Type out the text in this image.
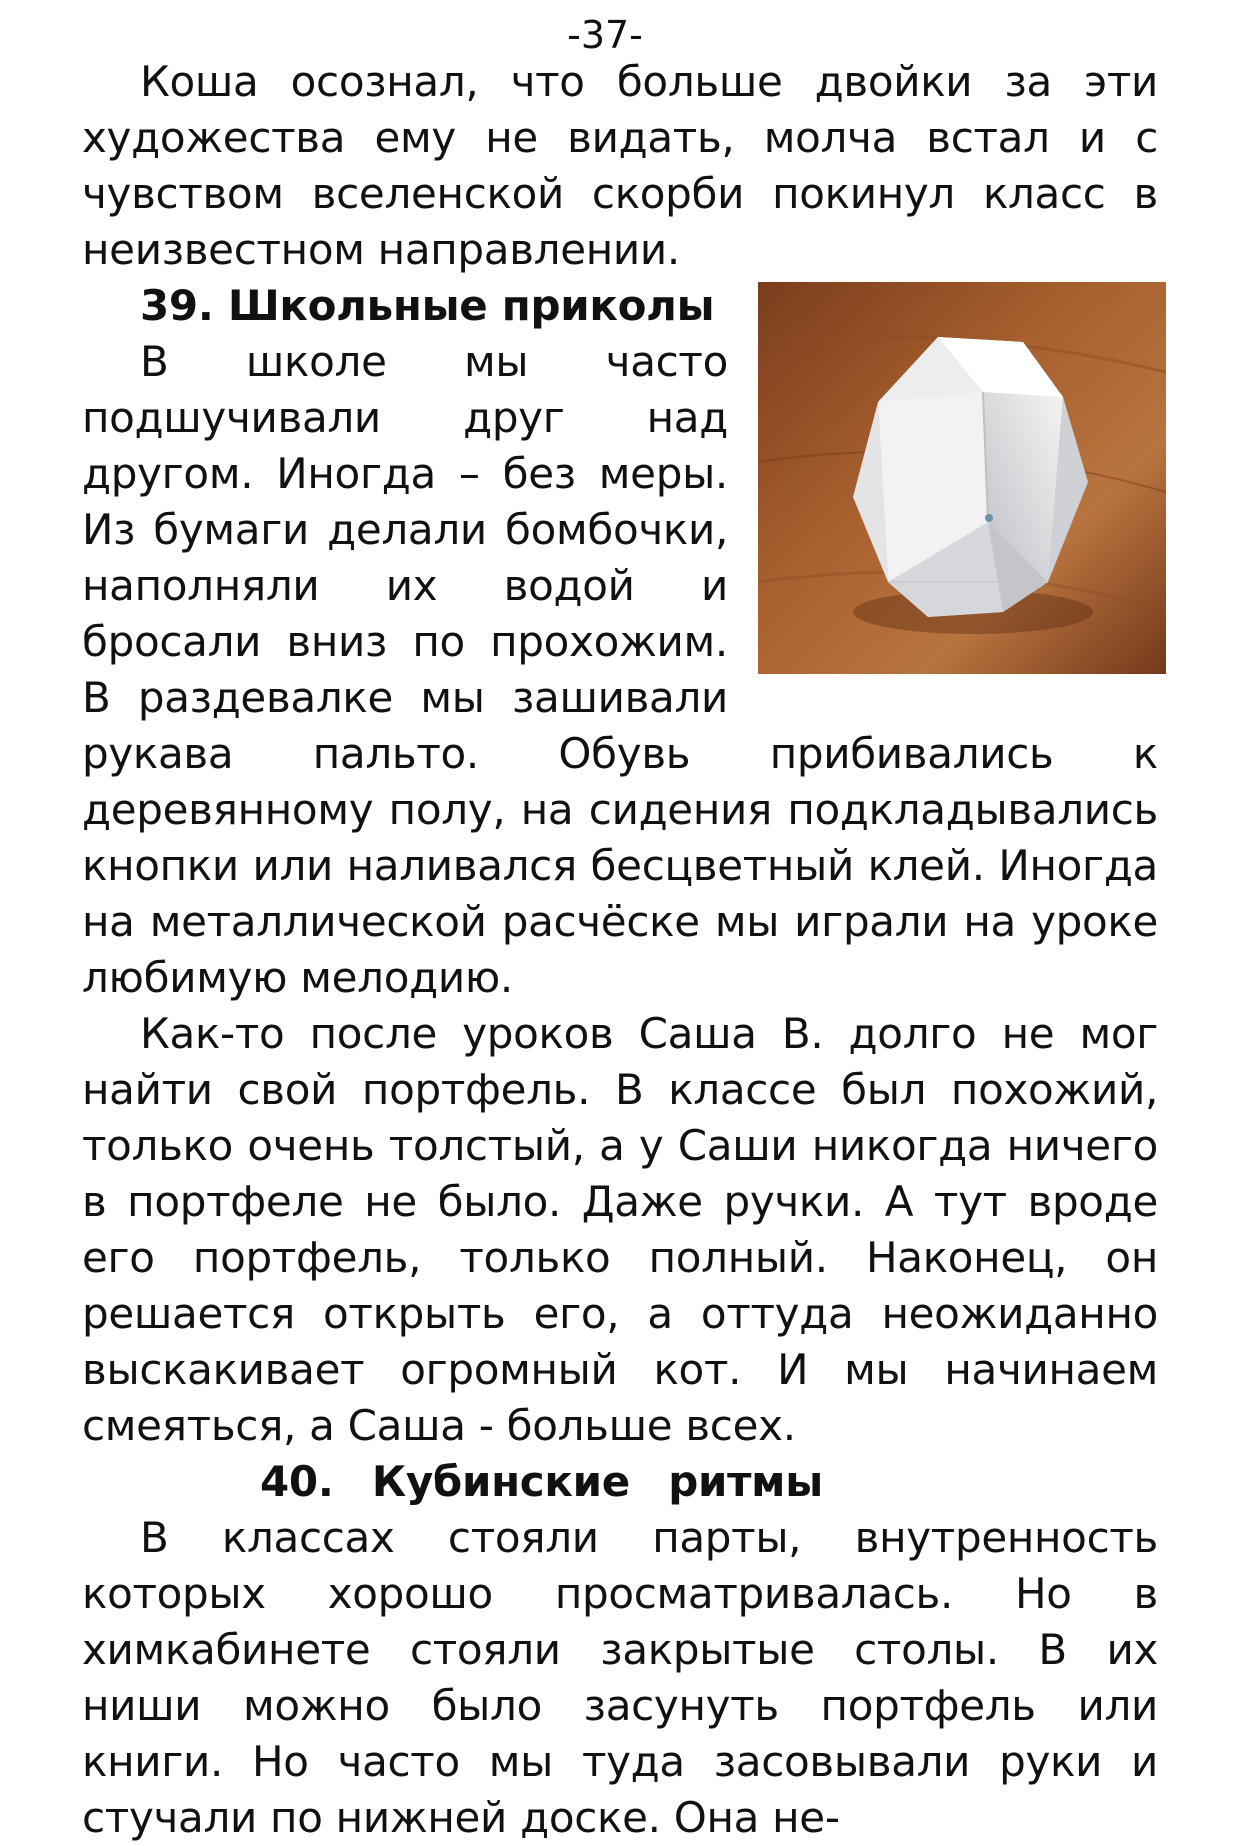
-37-

Коша осознал, что больше двойки за эти художества ему не видать, молча встал и с чувством вселенской скорби покинул класс в неизвестном направлении.

39. Школьные приколы

В школе мы часто подшучивали друг над другом. Иногда – без меры. Из бумаги делали бомбочки, наполняли их водой и бросали вниз по прохожим. В раздевалке мы зашивали рукава пальто. Обувь прибивались к деревянному полу, на сидения подкладывались кнопки или наливался бесцветный клей. Иногда на металлической расчёске мы играли на уроке любимую мелодию.

Как-то после уроков Саша В. долго не мог найти свой портфель. В классе был похожий, только очень толстый, а у Саши никогда ничего в портфеле не было. Даже ручки. А тут вроде его портфель, только полный. Наконец, он решается открыть его, а оттуда неожиданно выскакивает огромный кот. И мы начинаем смеяться, а Саша - больше всех.

40. Кубинские ритмы

В классах стояли парты, внутренность которых хорошо просматривалась. Но в химкабинете стояли закрытые столы. В их ниши можно было засунуть портфель или книги. Но часто мы туда засовывали руки и стучали по нижней доске. Она не-
